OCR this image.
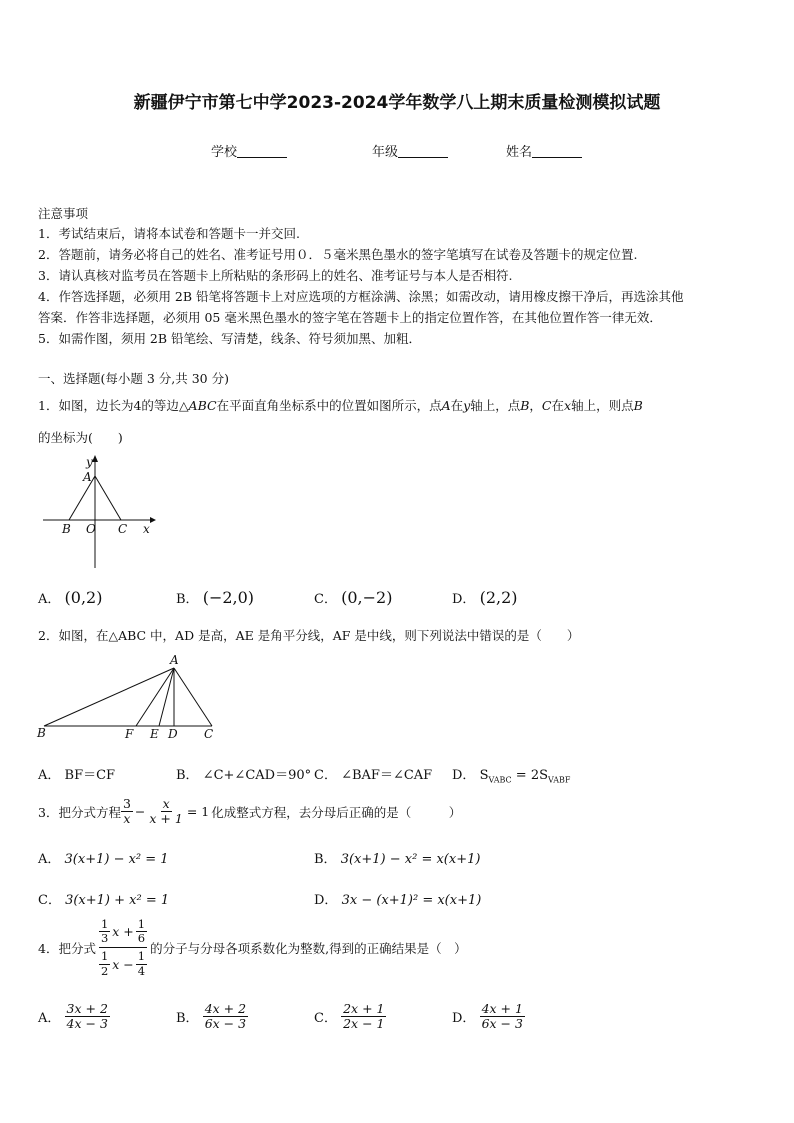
新疆伊宁市第七中学2023-2024学年数学八上期末质量检测模拟试题
学校	年级	姓名
注意事项
1．考试结束后，请将本试卷和答题卡一并交回.
2．答题前，请务必将自己的姓名、准考证号用０．５毫米黑色墨水的签字笔填写在试卷及答题卡的规定位置.
3．请认真核对监考员在答题卡上所粘贴的条形码上的姓名、准考证号与本人是否相符.
4．作答选择题，必须用 2B 铅笔将答题卡上对应选项的方框涂满、涂黑；如需改动，请用橡皮擦干净后，再选涂其他
答案．作答非选择题，必须用 05 毫米黑色墨水的签字笔在答题卡上的指定位置作答，在其他位置作答一律无效．
5．如需作图，须用 2B 铅笔绘、写清楚，线条、符号须加黑、加粗．
一、选择题(每小题 3 分,共 30 分)
1．如图，边长为4的等边△ABC在平面直角坐标系中的位置如图所示，点A在y轴上，点B，C在x轴上，则点B
的坐标为(　　)
y
A
B O C x
A． (0,2)	B． (−2,0)	C． (0,−2)	D． (2,2)
2．如图，在△ABC 中，AD 是高，AE 是角平分线，AF 是中线，则下列说法中错误的是（　　）
A
B	F E D C
A． BF＝CF	B． ∠C+∠CAD＝90° C． ∠BAF＝∠CAF D． $S_{VABC} = 2S_{VABF}$
3．把分式方程 $\frac{3}{x} - \frac{x}{x + 1} = 1$ 化成整式方程，去分母后正确的是（　　　）
A． 3(x+1) − x² = 1	B． 3(x+1) − x² = x(x+1)
C． 3(x+1) + x² = 1	D． 3x − (x+1)² = x(x+1)
4．把分式 $\frac{\frac{1}{3} x + \frac{1}{6}}{\frac{1}{2} x - \frac{1}{4}}$ 的分子与分母各项系数化为整数,得到的正确结果是（　）
A．
$\frac{3x + 2}{4x - 3}$	B．
$\frac{4x + 2}{6x - 3}$	C．
$\frac{2x + 1}{2x - 1}$	D．
$\frac{4x + 1}{6x - 3}$
